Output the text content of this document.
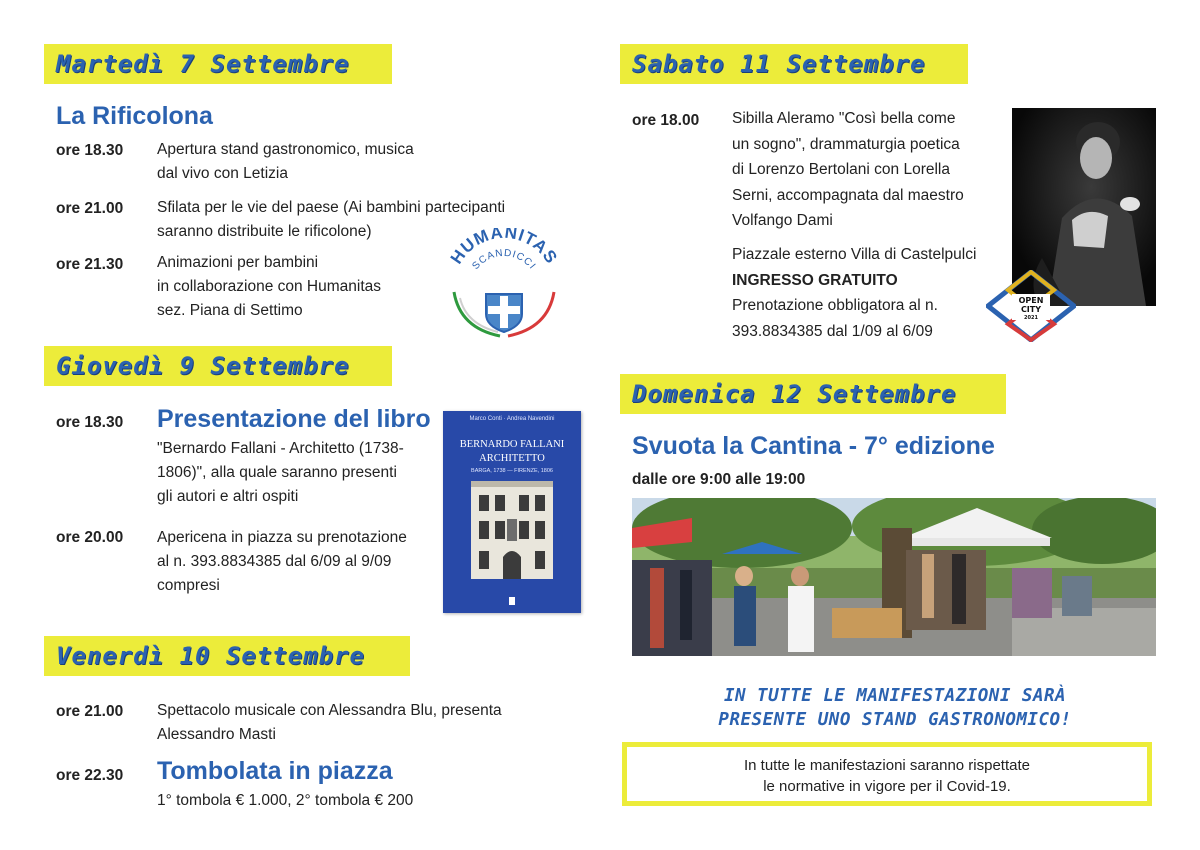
Martedì 7 Settembre
La Rificolona
ore 18.30 Apertura stand gastronomico, musica
dal vivo con Letizia
ore 21.00 Sfilata per le vie del paese (Ai bambini partecipanti
saranno distribuite le rificolone)
ore 21.30 Animazioni per bambini
in collaborazione con Humanitas
sez. Piana di Settimo
HUMANITAS
SCANDICCI
Giovedì 9 Settembre
ore 18.30 Presentazione del libro
"Bernardo Fallani - Architetto (1738-
1806)", alla quale saranno presenti
gli autori e altri ospiti
ore 20.00 Apericena in piazza su prenotazione
al n. 393.8834385 dal 6/09 al 9/09
compresi
Marco Conti · Andrea Navendini
BERNARDO FALLANI
ARCHITETTO
BARGA, 1738 — FIRENZE, 1806
Venerdì 10 Settembre
ore 21.00 Spettacolo musicale con Alessandra Blu, presenta
Alessandro Masti
ore 22.30 Tombolata in piazza
1° tombola € 1.000, 2° tombola € 200
Sabato 11 Settembre
ore 18.00 Sibilla Aleramo "Così bella come
un sogno", drammaturgia poetica
di Lorenzo Bertolani con Lorella
Serni, accompagnata dal maestro
Volfango Dami
Piazzale esterno Villa di Castelpulci
INGRESSO GRATUITO
Prenotazione obbligatora al n.
393.8834385 dal 1/09 al 6/09
OPEN
CITY
2021
Domenica 12 Settembre
Svuota la Cantina - 7° edizione
dalle ore 9:00 alle 19:00
IN TUTTE LE MANIFESTAZIONI SARÀ
PRESENTE UNO STAND GASTRONOMICO!
In tutte le manifestazioni saranno rispettate
le normative in vigore per il Covid-19.
